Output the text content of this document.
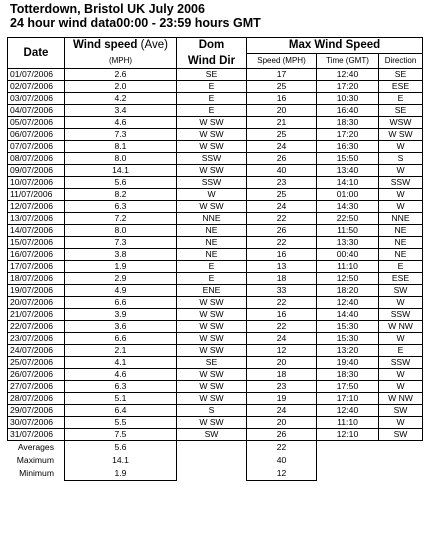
Totterdown, Bristol UK July 2006
24 hour wind data00:00 - 23:59 hours GMT
Date	Wind speed (Ave)	Dom	Max Wind Speed		
	(MPH)	Wind Dir	Speed (MPH)	Time (GMT)	Direction
01/07/2006	2.6	SE	17	12:40	SE
02/07/2006	2.0	E	25	17:20	ESE
03/07/2006	4.2	E	16	10:30	E
04/07/2006	3.4	E	20	16:40	SE
05/07/2006	4.6	W SW	21	18:30	WSW
06/07/2006	7.3	W SW	25	17:20	W SW
07/07/2006	8.1	W SW	24	16:30	W
08/07/2006	8.0	SSW	26	15:50	S
09/07/2006	14.1	W SW	40	13:40	W
10/07/2006	5.6	SSW	23	14:10	SSW
11/07/2006	8.2	W	25	01:00	W
12/07/2006	6.3	W SW	24	14:30	W
13/07/2006	7.2	NNE	22	22:50	NNE
14/07/2006	8.0	NE	26	11:50	NE
15/07/2006	7.3	NE	22	13:30	NE
16/07/2006	3.8	NE	16	00:40	NE
17/07/2006	1.9	E	13	11:10	E
18/07/2006	2.9	E	18	12:50	ESE
19/07/2006	4.9	ENE	33	18:20	SW
20/07/2006	6.6	W SW	22	12:40	W
21/07/2006	3.9	W SW	16	14:40	SSW
22/07/2006	3.6	W SW	22	15:30	W NW
23/07/2006	6.6	W SW	24	15:30	W
24/07/2006	2.1	W SW	12	13:20	E
25/07/2006	4.1	SE	20	19:40	SSW
26/07/2006	4.6	W SW	18	18:30	W
27/07/2006	6.3	W SW	23	17:50	W
28/07/2006	5.1	W SW	19	17:10	W NW
29/07/2006	6.4	S	24	12:40	SW
30/07/2006	5.5	W SW	20	11:10	W
31/07/2006	7.5	SW	26	12:10	SW
Averages	5.6		22		
Maximum	14.1		40		
Minimum	1.9		12		
